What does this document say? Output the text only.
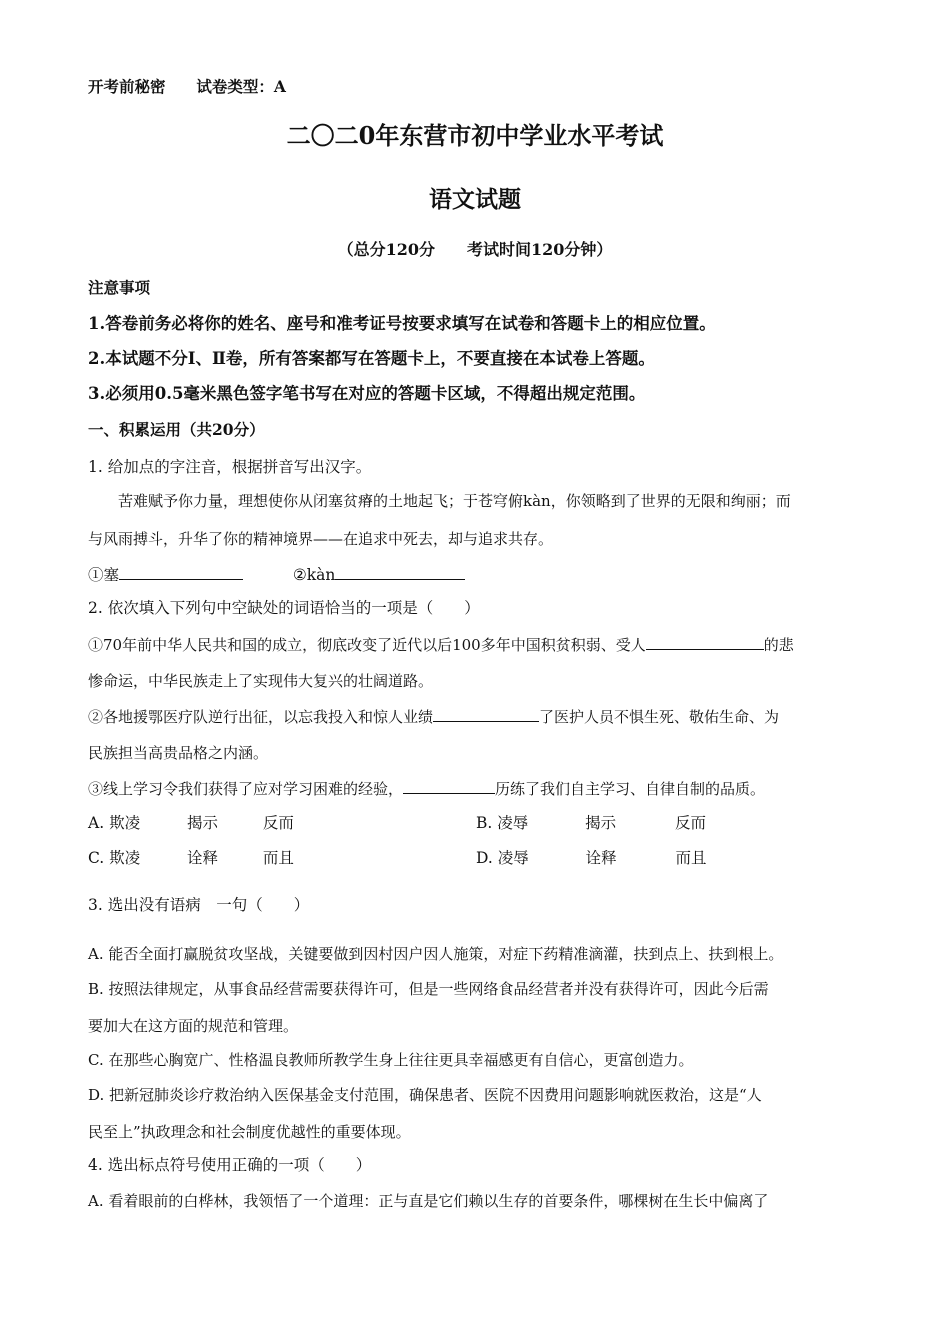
开考前秘密 试卷类型：A
二〇二0年东营市初中学业水平考试
语文试题
（总分120分　　考试时间120分钟）
注意事项
1.答卷前务必将你的姓名、座号和准考证号按要求填写在试卷和答题卡上的相应位置。
2.本试题不分Ⅰ、Ⅱ卷，所有答案都写在答题卡上，不要直接在本试卷上答题。
3.必须用0.5毫米黑色签字笔书写在对应的答题卡区域，不得超出规定范围。
一、积累运用（共20分）
1. 给加点的字注音，根据拼音写出汉字。
苦难赋予你力量，理想使你从闭塞贫瘠的土地起飞；于苍穹俯kàn，你领略到了世界的无限和绚丽；而
与风雨搏斗，升华了你的精神境界——在追求中死去，却与追求共存。
①塞	②kàn
2. 依次填入下列句中空缺处的词语恰当的一项是（　　）
①70年前中华人民共和国的成立，彻底改变了近代以后100多年中国积贫积弱、受人	的悲
惨命运，中华民族走上了实现伟大复兴的壮阔道路。
②各地援鄂医疗队逆行出征，以忘我投入和惊人业绩	了医护人员不惧生死、敬佑生命、为
民族担当高贵品格之内涵。
③线上学习令我们获得了应对学习困难的经验，	历练了我们自主学习、自律自制的品质。
A. 欺凌	揭示	反而	B. 凌辱	揭示	反而
C. 欺凌	诠释	而且	D. 凌辱	诠释	而且
3. 选出没有语病　一句（　　）
A. 能否全面打赢脱贫攻坚战，关键要做到因村因户因人施策，对症下药精准滴灌，扶到点上、扶到根上。
B. 按照法律规定，从事食品经营需要获得许可，但是一些网络食品经营者并没有获得许可，因此今后需
要加大在这方面的规范和管理。
C. 在那些心胸宽广、性格温良教师所教学生身上往往更具幸福感更有自信心，更富创造力。
D. 把新冠肺炎诊疗救治纳入医保基金支付范围，确保患者、医院不因费用问题影响就医救治，这是“人
民至上”执政理念和社会制度优越性的重要体现。
4. 选出标点符号使用正确的一项（　　）
A. 看着眼前的白桦林，我领悟了一个道理：正与直是它们赖以生存的首要条件，哪棵树在生长中偏离了
